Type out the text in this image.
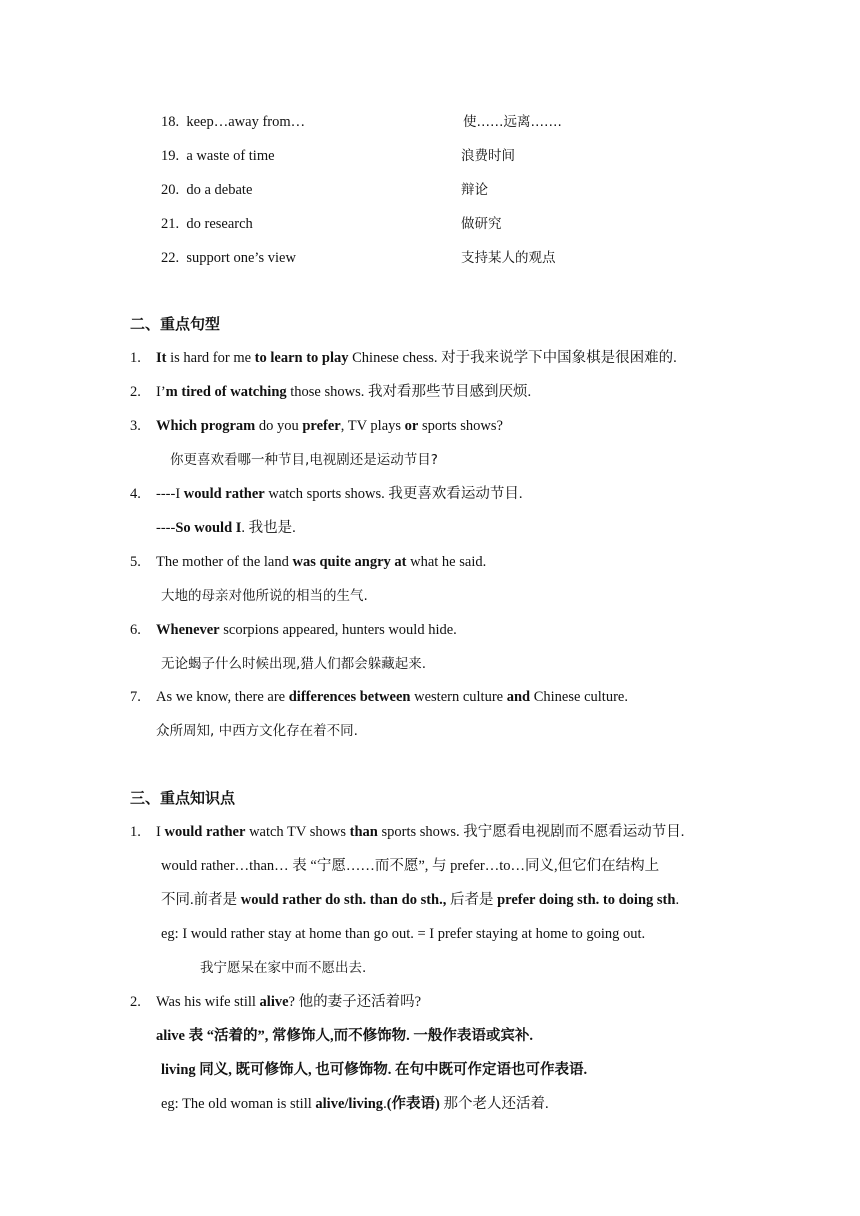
18. keep…away from…	使……远离…….
19. a waste of time	浪费时间
20. do a debate	辩论
21. do research	做研究
22. support one’s view	支持某人的观点
二、重点句型
1. It is hard for me to learn to play Chinese chess. 对于我来说学下中国象棋是很困难的.
2. I’m tired of watching those shows. 我对看那些节目感到厌烦.
3. Which program do you prefer, TV plays or sports shows?
你更喜欢看哪一种节目,电视剧还是运动节目?
4. ----I would rather watch sports shows. 我更喜欢看运动节目.
----So would I. 我也是.
5. The mother of the land was quite angry at what he said.
大地的母亲对他所说的相当的生气.
6. Whenever scorpions appeared, hunters would hide.
无论蝎子什么时候出现,猎人们都会躲藏起来.
7. As we know, there are differences between western culture and Chinese culture.
众所周知, 中西方文化存在着不同.
三、重点知识点
1. I would rather watch TV shows than sports shows. 我宁愿看电视剧而不愿看运动节目.
would rather…than… 表 “宁愿……而不愿”, 与 prefer…to…同义,但它们在结构上
不同.前者是 would rather do sth. than do sth., 后者是 prefer doing sth. to doing sth.
eg: I would rather stay at home than go out. = I prefer staying at home to going out.
我宁愿呆在家中而不愿出去.
2. Was his wife still alive? 他的妻子还活着吗?
alive 表 “活着的”, 常修饰人,而不修饰物. 一般作表语或宾补.
living 同义, 既可修饰人, 也可修饰物. 在句中既可作定语也可作表语.
eg: The old woman is still alive/living.(作表语) 那个老人还活着.
